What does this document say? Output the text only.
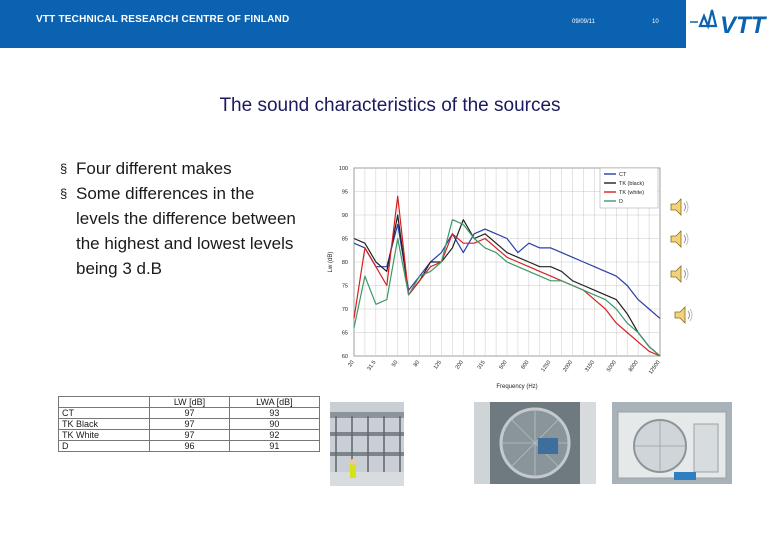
VTT TECHNICAL RESEARCH CENTRE OF FINLAND	09/09/11	10	VTT
The sound characteristics of the sources
§ Four different makes
§ Some differences in the levels the difference between the highest and lowest levels being 3 d.B
60
65
70
75
80
85
90
95
100
20 31.5 50 80 125 200 315 500 800 1250 2000 3150 5000 8000 12500
Frequency (Hz)
Lw (dB)
CT
TK (black)
TK (white)
D
	LW [dB]	LWA [dB]
CT	97	93
TK Black	97	90
TK White	97	92
D	96	91
